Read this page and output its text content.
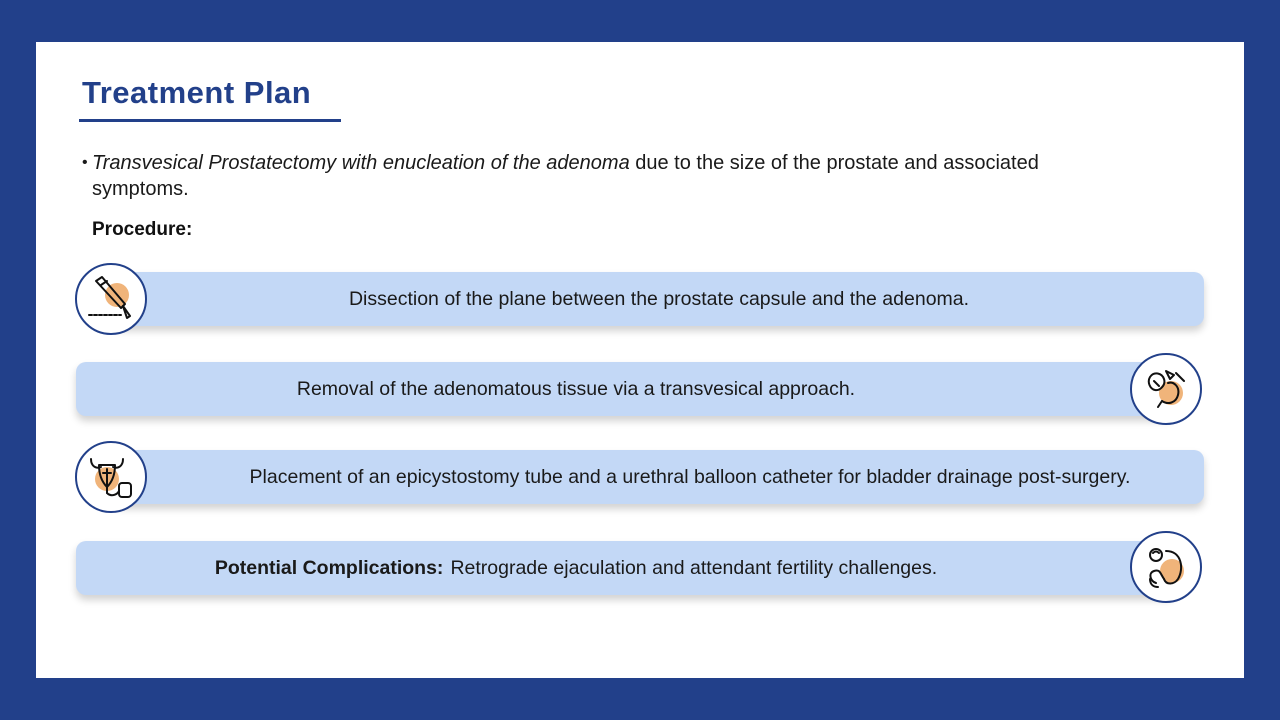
Treatment Plan
• Transvesical Prostatectomy with enucleation of the adenoma due to the size of the prostate and associated symptoms.
Procedure:
Dissection of the plane between the prostate capsule and the adenoma.
Removal of the adenomatous tissue via a transvesical approach.
Placement of an epicystostomy tube and a urethral balloon catheter for bladder drainage post-surgery.
Potential Complications: Retrograde ejaculation and attendant fertility challenges.
